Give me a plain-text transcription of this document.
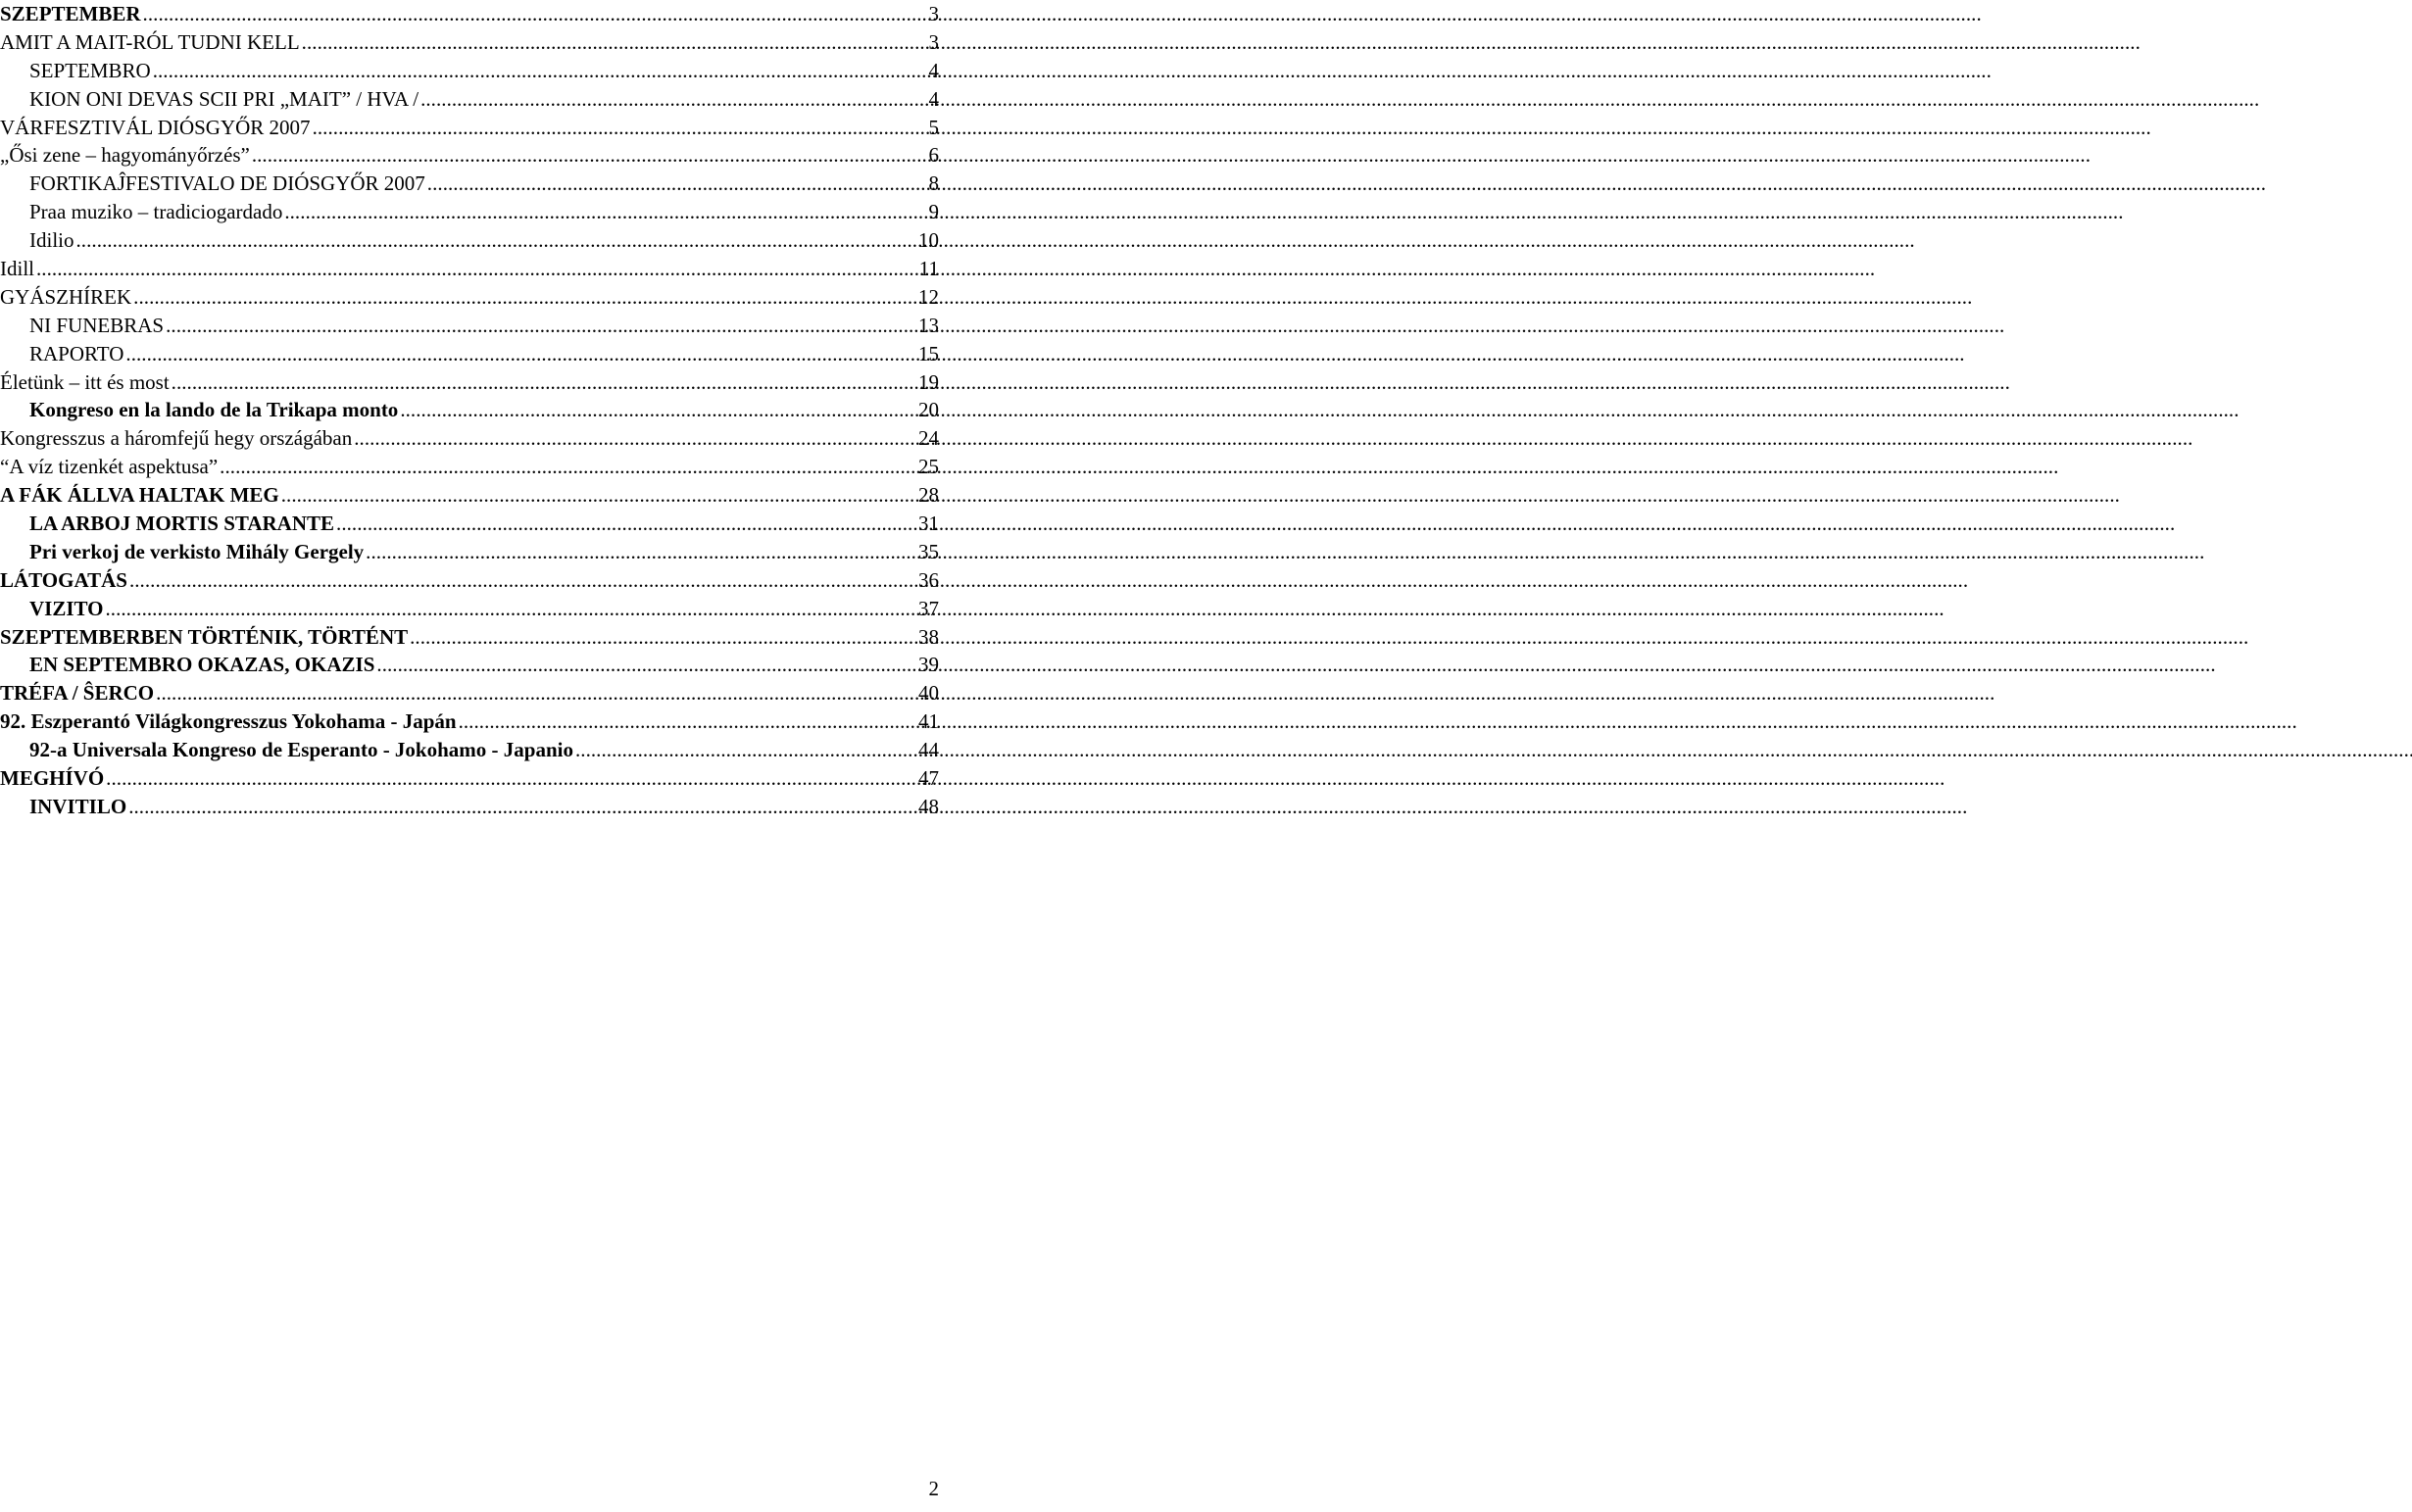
SZEPTEMBER . . .	3
AMIT A MAIT-RÓL TUDNI KELL . . .	3
SEPTEMBRO . . .	4
KION ONI DEVAS SCII PRI „MAIT” / HVA / . . .	4
VÁRFESZTIVÁL DIÓSGYŐR 2007 . . .	5
„Ősi zene – hagyományőrzés” . . .	6
FORTIKAĴFESTIVALO DE DIÓSGYŐR 2007 . . .	8
Praa muziko – tradiciogardado . . .	9
Idilio . . .	10
Idill . . .	11
GYÁSZHÍREK . . .	12
NI FUNEBRAS . . .	13
RAPORTO . . .	15
Életünk – itt és most . . .	19
Kongreso en la lando de la Trikapa monto . . .	20
Kongresszus a háromfejű hegy országában . . .	24
“A víz tizenkét aspektusa” . . .	25
A FÁK ÁLLVA HALTAK MEG . . .	28
LA ARBOJ MORTIS STARANTE . . .	31
Pri verkoj de verkisto Mihály Gergely . . .	35
LÁTOGATÁS . . .	36
VIZITO . . .	37
SZEPTEMBERBEN TÖRTÉNIK, TÖRTÉNT . . .	38
EN SEPTEMBRO OKAZAS, OKAZIS . . .	39
TRÉFA / ŜERCO . . .	40
92. Eszperantó Világkongresszus Yokohama - Japán . . .	41
92-a Universala Kongreso de Esperanto - Jokohamo - Japanio . . .	44
MEGHÍVÓ . . .	47
INVITILO . . .	48
2
